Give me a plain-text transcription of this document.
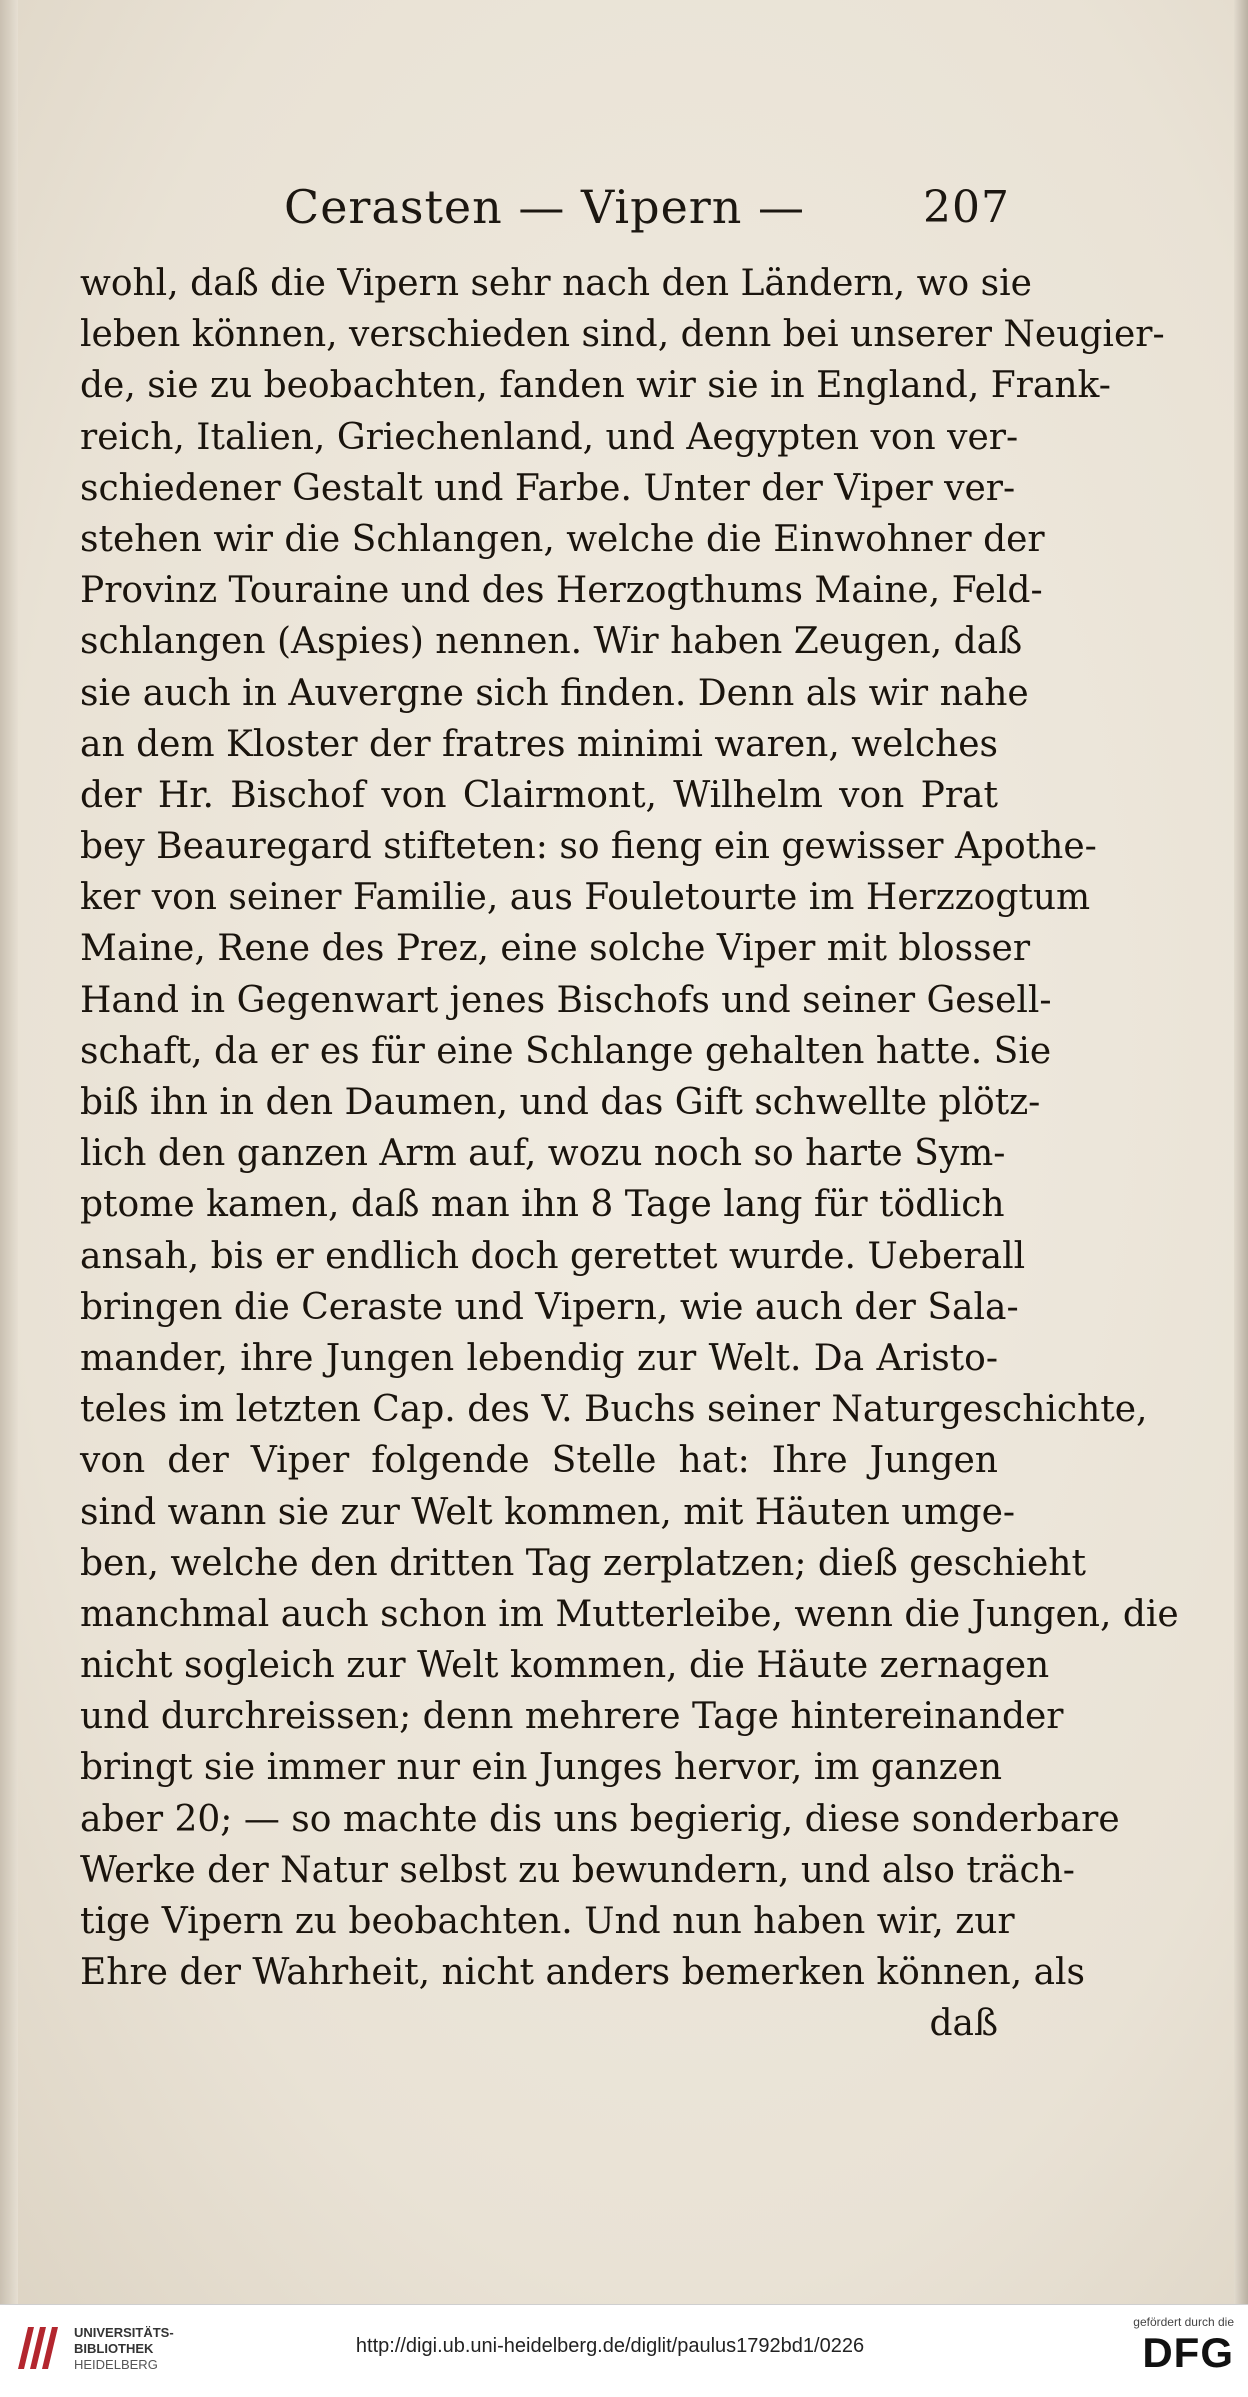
Cerasten — Vipern —	207
wohl, daß die Vipern sehr nach den Ländern, wo sie
leben können, verschieden sind, denn bei unserer Neugier-
de, sie zu beobachten, fanden wir sie in England, Frank-
reich, Italien, Griechenland, und Aegypten von ver-
schiedener Gestalt und Farbe. Unter der Viper ver-
stehen wir die Schlangen, welche die Einwohner der
Provinz Touraine und des Herzogthums Maine, Feld-
schlangen (Aspies) nennen. Wir haben Zeugen, daß
sie auch in Auvergne sich finden. Denn als wir nahe
an dem Kloster der fratres minimi waren, welches
der Hr. Bischof von Clairmont, Wilhelm von Prat
bey Beauregard stifteten: so fieng ein gewisser Apothe-
ker von seiner Familie, aus Fouletourte im Herzzogtum
Maine, Rene des Prez, eine solche Viper mit blosser
Hand in Gegenwart jenes Bischofs und seiner Gesell-
schaft, da er es für eine Schlange gehalten hatte. Sie
biß ihn in den Daumen, und das Gift schwellte plötz-
lich den ganzen Arm auf, wozu noch so harte Sym-
ptome kamen, daß man ihn 8 Tage lang für tödlich
ansah, bis er endlich doch gerettet wurde. Ueberall
bringen die Ceraste und Vipern, wie auch der Sala-
mander, ihre Jungen lebendig zur Welt. Da Aristo-
teles im letzten Cap. des V. Buchs seiner Naturgeschichte,
von der Viper folgende Stelle hat: Ihre Jungen
sind wann sie zur Welt kommen, mit Häuten umge-
ben, welche den dritten Tag zerplatzen; dieß geschieht
manchmal auch schon im Mutterleibe, wenn die Jungen, die
nicht sogleich zur Welt kommen, die Häute zernagen
und durchreissen; denn mehrere Tage hintereinander
bringt sie immer nur ein Junges hervor, im ganzen
aber 20; — so machte dis uns begierig, diese sonderbare
Werke der Natur selbst zu bewundern, und also träch-
tige Vipern zu beobachten. Und nun haben wir, zur
Ehre der Wahrheit, nicht anders bemerken können, als
daß
UNIVERSITÄTS-
BIBLIOTHEK
HEIDELBERG
http://digi.ub.uni-heidelberg.de/diglit/paulus1792bd1/0226
gefördert durch die
DFG
